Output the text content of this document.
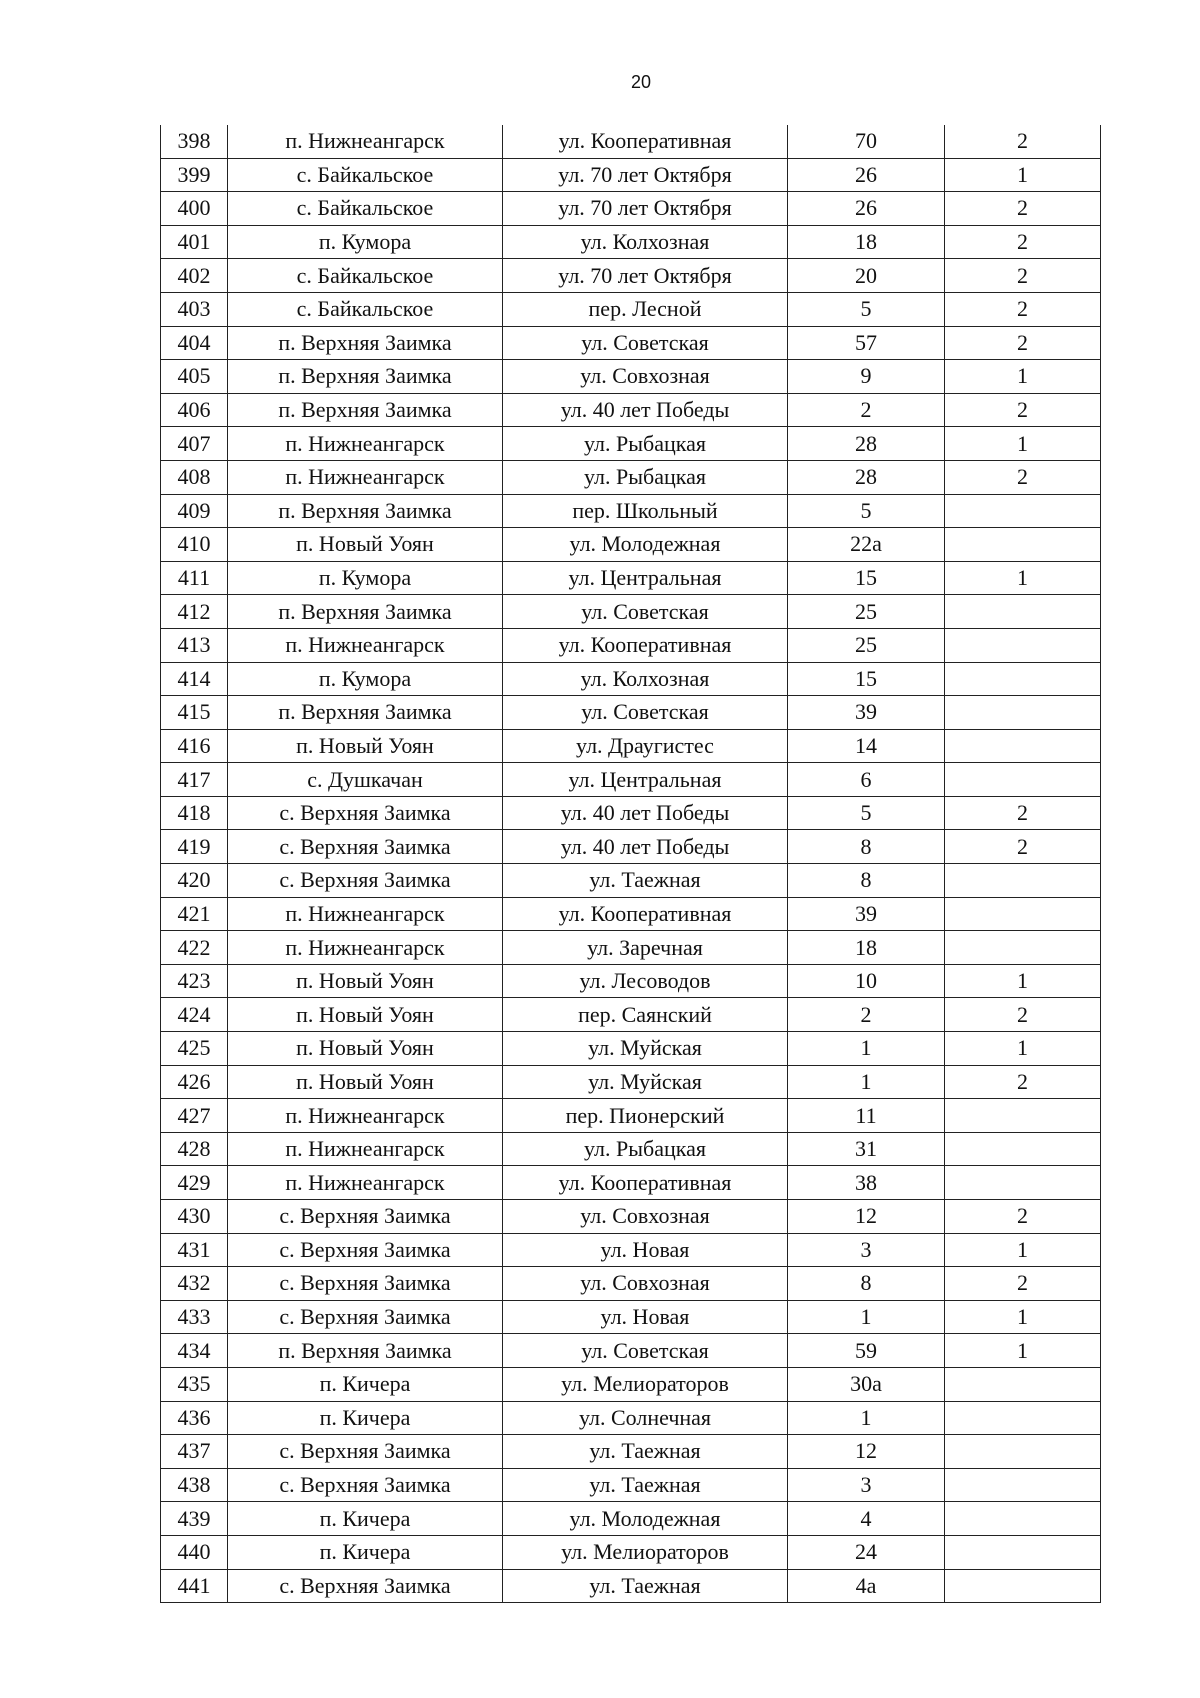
20
398	п. Нижнеангарск	ул. Кооперативная	70	2
399	с. Байкальское	ул. 70 лет Октября	26	1
400	с. Байкальское	ул. 70 лет Октября	26	2
401	п. Кумора	ул. Колхозная	18	2
402	с. Байкальское	ул. 70 лет Октября	20	2
403	с. Байкальское	пер. Лесной	5	2
404	п. Верхняя Заимка	ул. Советская	57	2
405	п. Верхняя Заимка	ул. Совхозная	9	1
406	п. Верхняя Заимка	ул. 40 лет Победы	2	2
407	п. Нижнеангарск	ул. Рыбацкая	28	1
408	п. Нижнеангарск	ул. Рыбацкая	28	2
409	п. Верхняя Заимка	пер. Школьный	5	
410	п. Новый Уоян	ул. Молодежная	22а	
411	п. Кумора	ул. Центральная	15	1
412	п. Верхняя Заимка	ул. Советская	25	
413	п. Нижнеангарск	ул. Кооперативная	25	
414	п. Кумора	ул. Колхозная	15	
415	п. Верхняя Заимка	ул. Советская	39	
416	п. Новый Уоян	ул. Драугистес	14	
417	с. Душкачан	ул. Центральная	6	
418	с. Верхняя Заимка	ул. 40 лет Победы	5	2
419	с. Верхняя Заимка	ул. 40 лет Победы	8	2
420	с. Верхняя Заимка	ул. Таежная	8	
421	п. Нижнеангарск	ул. Кооперативная	39	
422	п. Нижнеангарск	ул. Заречная	18	
423	п. Новый Уоян	ул. Лесоводов	10	1
424	п. Новый Уоян	пер. Саянский	2	2
425	п. Новый Уоян	ул. Муйская	1	1
426	п. Новый Уоян	ул. Муйская	1	2
427	п. Нижнеангарск	пер. Пионерский	11	
428	п. Нижнеангарск	ул. Рыбацкая	31	
429	п. Нижнеангарск	ул. Кооперативная	38	
430	с. Верхняя Заимка	ул. Совхозная	12	2
431	с. Верхняя Заимка	ул. Новая	3	1
432	с. Верхняя Заимка	ул. Совхозная	8	2
433	с. Верхняя Заимка	ул. Новая	1	1
434	п. Верхняя Заимка	ул. Советская	59	1
435	п. Кичера	ул. Мелиораторов	30а	
436	п. Кичера	ул. Солнечная	1	
437	с. Верхняя Заимка	ул. Таежная	12	
438	с. Верхняя Заимка	ул. Таежная	3	
439	п. Кичера	ул. Молодежная	4	
440	п. Кичера	ул. Мелиораторов	24	
441	с. Верхняя Заимка	ул. Таежная	4а	
